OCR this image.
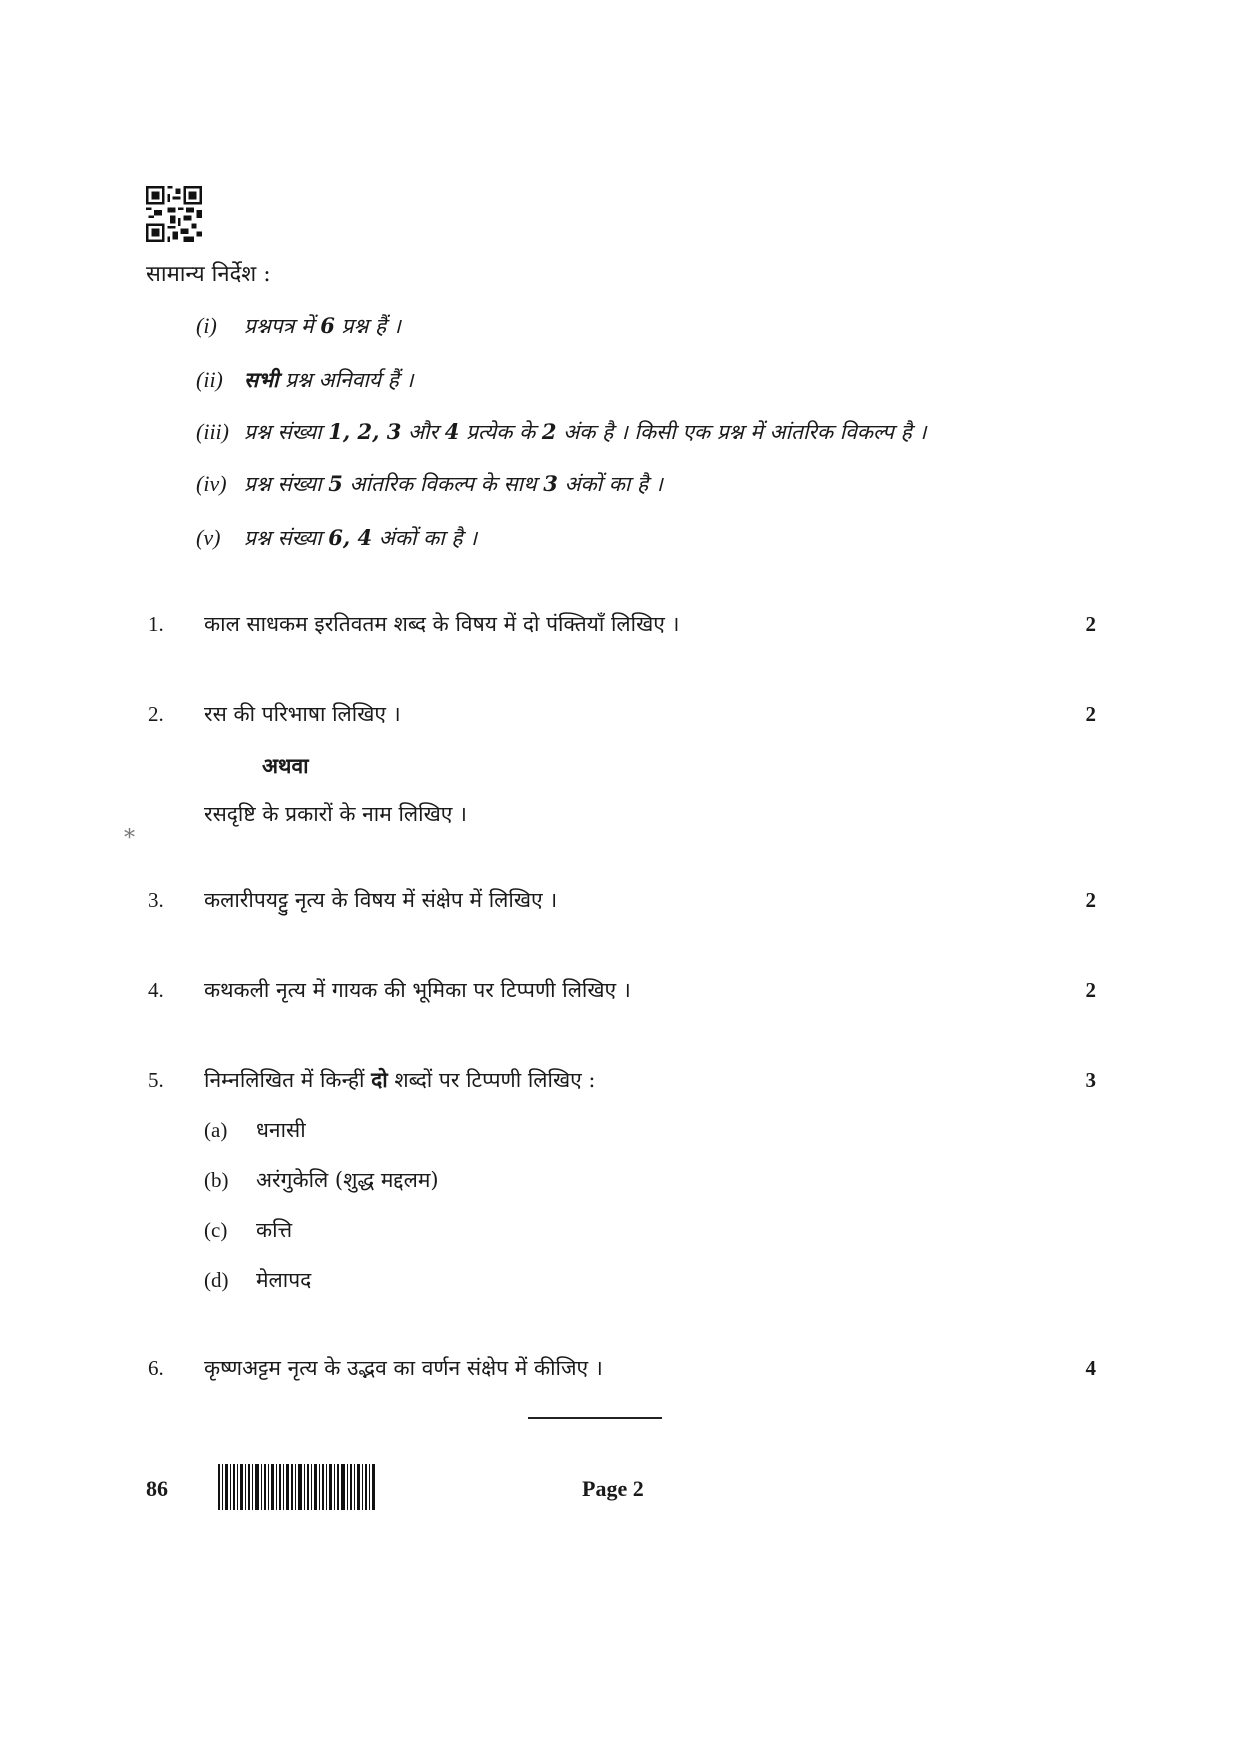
सामान्य निर्देश :
(i) प्रश्नपत्र में 6 प्रश्न हैं ।
(ii) सभी प्रश्न अनिवार्य हैं ।
(iii) प्रश्न संख्या 1, 2, 3 और 4 प्रत्येक के 2 अंक है । किसी एक प्रश्न में आंतरिक विकल्प है ।
(iv) प्रश्न संख्या 5 आंतरिक विकल्प के साथ 3 अंकों का है ।
(v) प्रश्न संख्या 6, 4 अंकों का है ।
1. काल साधकम इरतिवतम शब्द के विषय में दो पंक्तियाँ लिखिए ।	2
2. रस की परिभाषा लिखिए ।	2
अथवा
रसदृष्टि के प्रकारों के नाम लिखिए ।
*
3. कलारीपयट्टु नृत्य के विषय में संक्षेप में लिखिए ।	2
4. कथकली नृत्य में गायक की भूमिका पर टिप्पणी लिखिए ।	2
5. निम्नलिखित में किन्हीं दो शब्दों पर टिप्पणी लिखिए :	3
(a) धनासी
(b) अरंगुकेलि (शुद्ध मद्दलम)
(c) कत्ति
(d) मेलापद
6. कृष्णअट्टम नृत्य के उद्भव का वर्णन संक्षेप में कीजिए ।	4
86	Page 2
